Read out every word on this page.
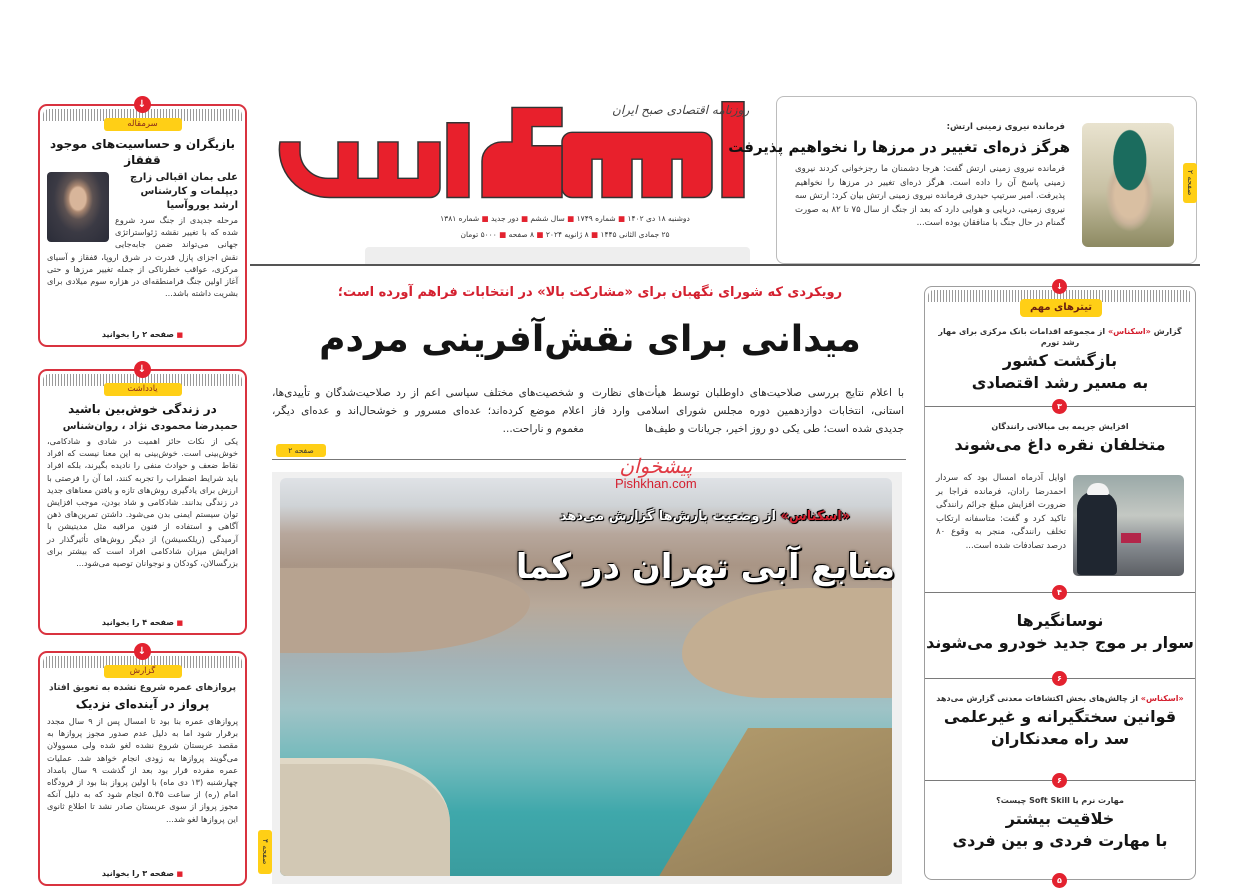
روزنامه اقتصادی صبح ایران
دوشنبه ۱۸ دی ۱۴۰۲ ■ شماره ۱۷۴۹ ■ سال ششم ■ دور جدید ■ شماره ۱۳۸۱
۲۵ جمادی الثانی ۱۴۴۵ ■ ۸ ژانویه ۲۰۲۴ ■ ۸ صفحه ■ ۵۰۰۰ تومان
فرمانده نیروی زمینی ارتش:
هرگز ذره‌ای تغییر در مرزها را نخواهیم پذیرفت
فرمانده نیروی زمینی ارتش گفت: هرجا دشمنان ما رجزخوانی کردند نیروی زمینی پاسخ آن را داده است. هرگز ذره‌ای تغییر در مرزها را نخواهیم پذیرفت. امیر سرتیپ حیدری فرمانده نیروی زمینی ارتش بیان کرد: ارتش سه نیروی زمینی، دریایی و هوایی دارد که بعد از جنگ از سال ۷۵ تا ۸۲ به صورت گمنام در حال جنگ با منافقان بوده است...
صفحه ۲
↓
سرمقاله
بازیگران و حساسیت‌های موجود قفقاز
علی بمان اقبالی زارچ دیپلمات و کارشناس ارشد یوروآسیا
مرحله جدیدی از جنگ سرد شروع شده که با تغییر نقشه ژئواستراتژی جهانی می‌تواند ضمن جابه‌جایی نقش اجزای پازل قدرت در شرق اروپا، قفقاز و آسیای مرکزی، عواقب خطرناکی از جمله تغییر مرزها و حتی آغاز اولین جنگ فرامنطقه‌ای در هزاره سوم میلادی برای بشریت داشته باشد...
■ صفحه ۲ را بخوانید
↓
یادداشت
در زندگی خوش‌بین باشید
حمیدرضا محمودی نژاد ، روان‌شناس
یکی از نکات حائز اهمیت در شادی و شادکامی، خوش‌بینی است. خوش‌بینی به این معنا نیست که افراد نقاط ضعف و حوادث منفی را نادیده بگیرند، بلکه افراد باید شرایط اضطراب را تجربه کنند، اما آن را فرصتی با ارزش برای یادگیری روش‌های تازه و یافتن معناهای جدید در زندگی بدانند. شادکامی و شاد بودن، موجب افزایش توان سیستم ایمنی بدن می‌شود. داشتن تمرین‌های ذهن آگاهی و استفاده از فنون مراقبه مثل مدیتیشن با آرمیدگی (ریلکسیشن) از دیگر روش‌های تأثیرگذار در افزایش میزان شادکامی افراد است که بیشتر برای بزرگسالان، کودکان و نوجوانان توصیه می‌شود...
■ صفحه ۴ را بخوانید
↓
گزارش
پروازهای عمره شروع نشده به تعویق افتاد
پرواز در آینده‌ای نزدیک
پروازهای عمره بنا بود تا امسال پس از ۹ سال مجدد برقرار شود اما به دلیل عدم صدور مجوز پروازها به مقصد عربستان شروع نشده لغو شده ولی مسوولان می‌گویند پروازها به زودی انجام خواهد شد. عملیات عمره مفرده قرار بود بعد از گذشت ۹ سال بامداد چهارشنبه (۱۳ دی ماه) با اولین پرواز بنا بود از فرودگاه امام (ره) از ساعت ۵.۴۵ انجام شود که به دلیل آنکه مجوز پرواز از سوی عربستان صادر نشد تا اطلاع ثانوی این پروازها لغو شد...
■ صفحه ۳ را بخوانید
رویکردی که شورای نگهبان برای «مشارکت بالا» در انتخابات فراهم آورده است؛
میدانی برای نقش‌آفرینی مردم
با اعلام نتایج بررسی صلاحیت‌های داوطلبان توسط هیأت‌های نظارت استانی، انتخابات دوازدهمین دوره مجلس شورای اسلامی وارد فاز جدیدی شده است؛ طی یکی دو روز اخیر، جریانات و طیف‌ها
و شخصیت‌های مختلف سیاسی اعم از رد صلاحیت‌شدگان و تأییدی‌ها، اعلام موضع کرده‌اند؛ عده‌ای مسرور و خوشحال‌اند و عده‌ای دیگر، مغموم و ناراحت...
صفحه ۲
پیشخوان
Pishkhan.com
«اسکناس» از وضعیت بارش‌ها گزارش می‌دهد
منابع آبی تهران در کما
صفحه ۴
↓
تیترهای مهم
گزارش «اسکناس» از مجموعه اقدامات بانک مرکزی برای مهار رشد تورم
بازگشت کشور
به مسیر رشد اقتصادی
۳
افزایش جریمه بی مبالاتی رانندگان
متخلفان نقره داغ می‌شوند
اوایل آذرماه امسال بود که سردار احمدرضا رادان، فرمانده فراجا بر ضرورت افزایش مبلغ جرائم رانندگی تاکید کرد و گفت: متاسفانه ارتکاب تخلف رانندگی، منجر به وقوع ۸۰ درصد تصادفات شده است...
۴
نوسانگیرها
سوار بر موج جدید خودرو می‌شوند
۶
«اسکناس» از چالش‌های بخش اکتشافات معدنی گزارش می‌دهد
قوانین سختگیرانه و غیرعلمی
سد راه معدنکاران
۶
مهارت نرم یا Soft Skill چیست؟
خلاقیت بیشتر
با مهارت فردی و بین فردی
۵
